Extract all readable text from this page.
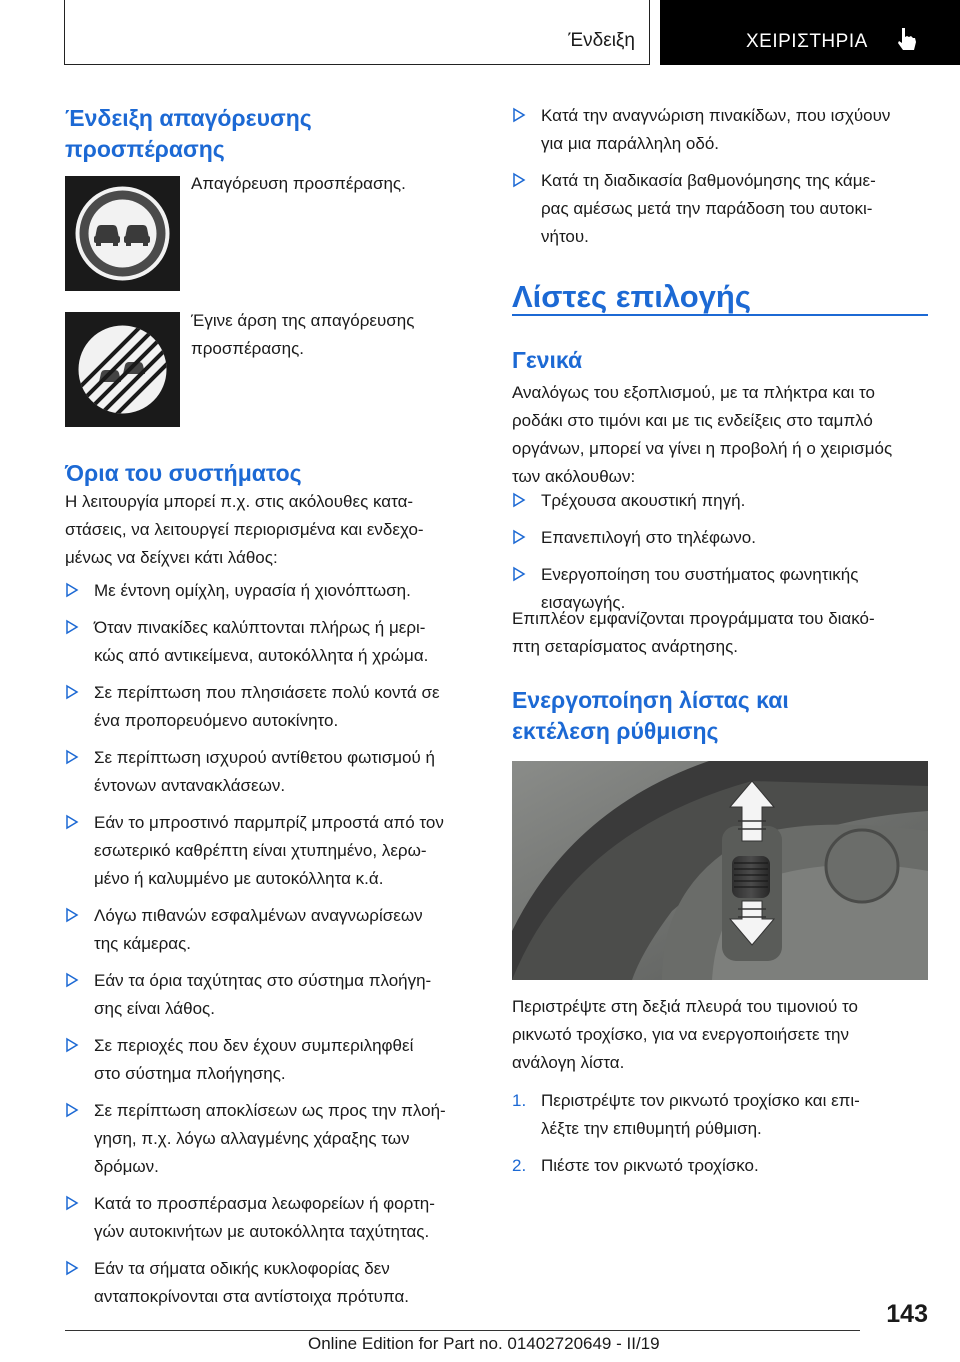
Ένδειξη	ΧΕΙΡΙΣΤΗΡΙΑ
Ένδειξη απαγόρευσης
προσπέρασης
Απαγόρευση προσπέρασης.
Έγινε άρση της απαγόρευσης
προσπέρασης.
Όρια του συστήματος
Η λειτουργία μπορεί π.χ. στις ακόλουθες κατα‐
στάσεις, να λειτουργεί περιορισμένα και ενδεχο‐
μένως να δείχνει κάτι λάθος:
Με έντονη ομίχλη, υγρασία ή χιονόπτωση.
Όταν πινακίδες καλύπτονται πλήρως ή μερι‐
κώς από αντικείμενα, αυτοκόλλητα ή χρώμα.
Σε περίπτωση που πλησιάσετε πολύ κοντά σε
ένα προπορευόμενο αυτοκίνητο.
Σε περίπτωση ισχυρού αντίθετου φωτισμού ή
έντονων αντανακλάσεων.
Εάν το μπροστινό παρμπρίζ μπροστά από τον
εσωτερικό καθρέπτη είναι χτυπημένο, λερω‐
μένο ή καλυμμένο με αυτοκόλλητα κ.ά.
Λόγω πιθανών εσφαλμένων αναγνωρίσεων
της κάμερας.
Εάν τα όρια ταχύτητας στο σύστημα πλοήγη‐
σης είναι λάθος.
Σε περιοχές που δεν έχουν συμπεριληφθεί
στο σύστημα πλοήγησης.
Σε περίπτωση αποκλίσεων ως προς την πλοή‐
γηση, π.χ. λόγω αλλαγμένης χάραξης των
δρόμων.
Κατά το προσπέρασμα λεωφορείων ή φορτη‐
γών αυτοκινήτων με αυτοκόλλητα ταχύτητας.
Εάν τα σήματα οδικής κυκλοφορίας δεν
ανταποκρίνονται στα αντίστοιχα πρότυπα.
Κατά την αναγνώριση πινακίδων, που ισχύουν
για μια παράλληλη οδό.
Κατά τη διαδικασία βαθμονόμησης της κάμε‐
ρας αμέσως μετά την παράδοση του αυτοκι‐
νήτου.
Λίστες επιλογής
Γενικά
Αναλόγως του εξοπλισμού, με τα πλήκτρα και το
ροδάκι στο τιμόνι και με τις ενδείξεις στο ταμπλό
οργάνων, μπορεί να γίνει η προβολή ή ο χειρισμός
των ακόλουθων:
Τρέχουσα ακουστική πηγή.
Επανεπιλογή στο τηλέφωνο.
Ενεργοποίηση του συστήματος φωνητικής
εισαγωγής.
Επιπλέον εμφανίζονται προγράμματα του διακό‐
πτη σεταρίσματος ανάρτησης.
Ενεργοποίηση λίστας και
εκτέλεση ρύθμισης
Περιστρέψτε στη δεξιά πλευρά του τιμονιού το
ρικνωτό τροχίσκο, για να ενεργοποιήσετε την
ανάλογη λίστα.
1. Περιστρέψτε τον ρικνωτό τροχίσκο και επι‐
λέξτε την επιθυμητή ρύθμιση.
2. Πιέστε τον ρικνωτό τροχίσκο.
143
Online Edition for Part no. 01402720649 - II/19
